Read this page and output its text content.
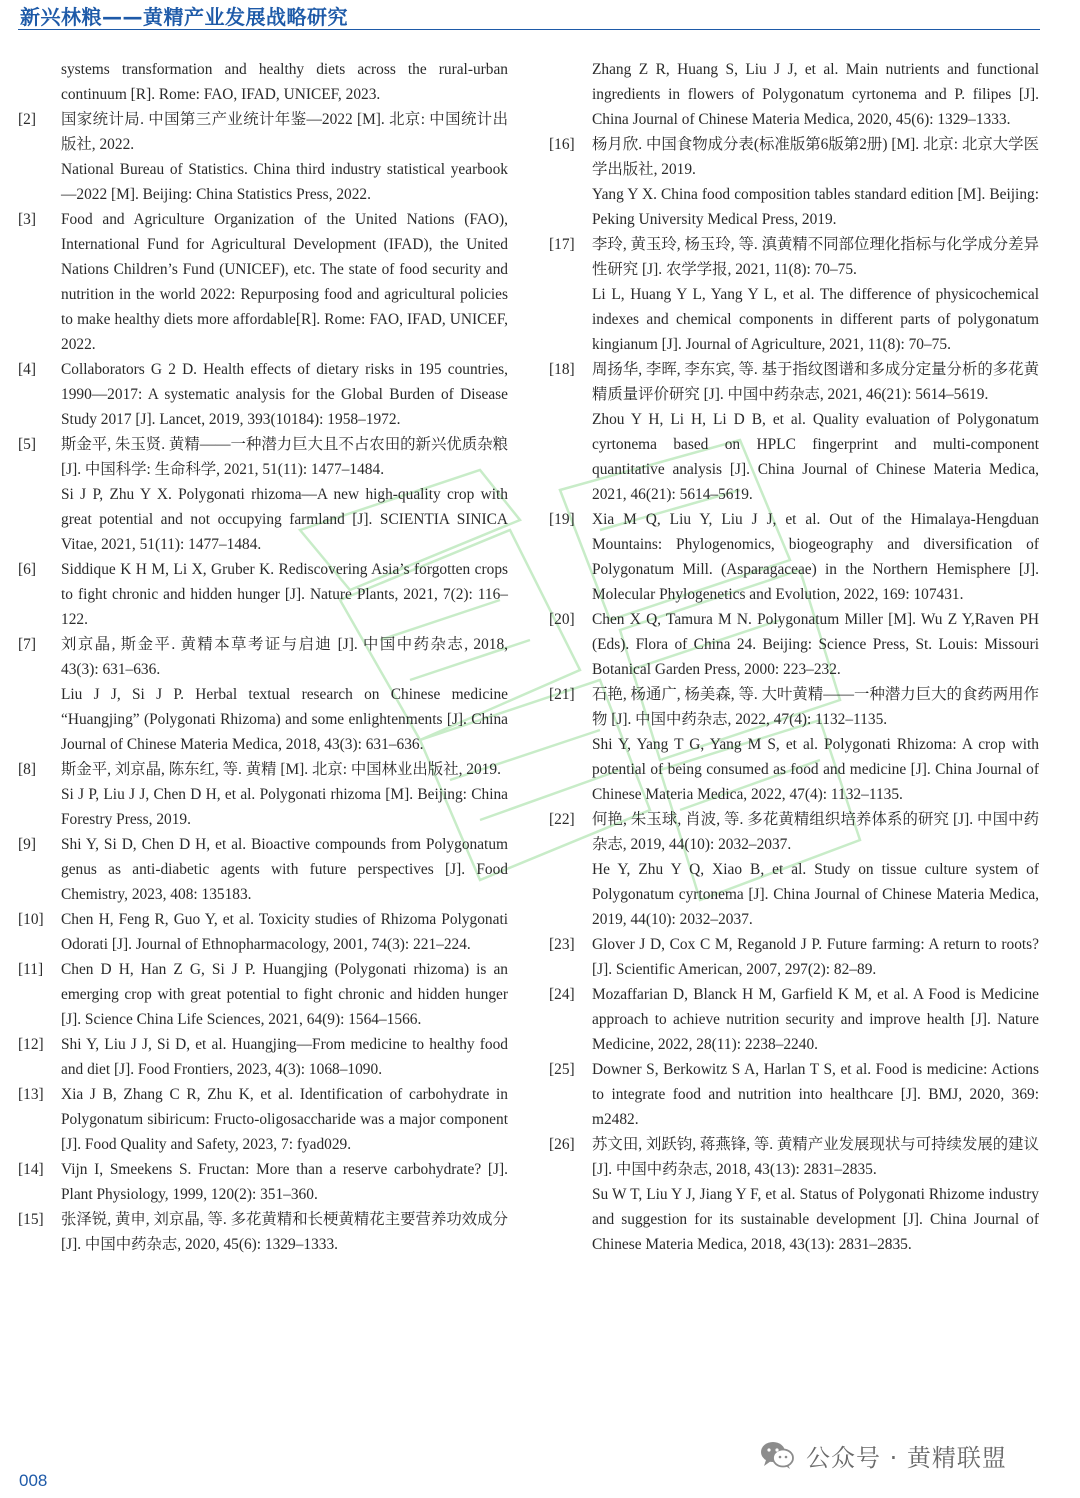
新兴林粮——黄精产业发展战略研究

systems transformation and healthy diets across the rural-urban continuum [R]. Rome: FAO, IFAD, UNICEF, 2023.

[2]	国家统计局. 中国第三产业统计年鉴—2022 [M]. 北京: 中国统计出版社, 2022.

National Bureau of Statistics. China third industry statistical yearbook—2022 [M]. Beijing: China Statistics Press, 2022.

[3]	Food and Agriculture Organization of the United Nations (FAO), International Fund for Agricultural Development (IFAD), the United Nations Children’s Fund (UNICEF), etc. The state of food security and nutrition in the world 2022: Repurposing food and agricultural policies to make healthy diets more affordable[R]. Rome: FAO, IFAD, UNICEF, 2022.

[4]	Collaborators G 2 D. Health effects of dietary risks in 195 countries, 1990—2017: A systematic analysis for the Global Burden of Disease Study 2017 [J]. Lancet, 2019, 393(10184): 1958–1972.

[5]	斯金平, 朱玉贤. 黄精——一种潜力巨大且不占农田的新兴优质杂粮 [J]. 中国科学: 生命科学, 2021, 51(11): 1477–1484.

Si J P, Zhu Y X. Polygonati rhizoma—A new high-quality crop with great potential and not occupying farmland [J]. SCIENTIA SINICA Vitae, 2021, 51(11): 1477–1484.

[6]	Siddique K H M, Li X, Gruber K. Rediscovering Asia’s forgotten crops to fight chronic and hidden hunger [J]. Nature Plants, 2021, 7(2): 116–122.

[7]	刘京晶, 斯金平. 黄精本草考证与启迪 [J]. 中国中药杂志, 2018, 43(3): 631–636.

Liu J J, Si J P. Herbal textual research on Chinese medicine “Huangjing” (Polygonati Rhizoma) and some enlightenments [J]. China Journal of Chinese Materia Medica, 2018, 43(3): 631–636.

[8]	斯金平, 刘京晶, 陈东红, 等. 黄精 [M]. 北京: 中国林业出版社, 2019.

Si J P, Liu J J, Chen D H, et al. Polygonati rhizoma [M]. Beijing: China Forestry Press, 2019.

[9]	Shi Y, Si D, Chen D H, et al. Bioactive compounds from Polygonatum genus as anti-diabetic agents with future perspectives [J]. Food Chemistry, 2023, 408: 135183.

[10]	Chen H, Feng R, Guo Y, et al. Toxicity studies of Rhizoma Polygonati Odorati [J]. Journal of Ethnopharmacology, 2001, 74(3): 221–224.

[11]	Chen D H, Han Z G, Si J P. Huangjing (Polygonati rhizoma) is an emerging crop with great potential to fight chronic and hidden hunger [J]. Science China Life Sciences, 2021, 64(9): 1564–1566.

[12]	Shi Y, Liu J J, Si D, et al. Huangjing—From medicine to healthy food and diet [J]. Food Frontiers, 2023, 4(3): 1068–1090.

[13]	Xia J B, Zhang C R, Zhu K, et al. Identification of carbohydrate in Polygonatum sibiricum: Fructo-oligosaccharide was a major component [J]. Food Quality and Safety, 2023, 7: fyad029.

[14]	Vijn I, Smeekens S. Fructan: More than a reserve carbohydrate? [J]. Plant Physiology, 1999, 120(2): 351–360.

[15]	张泽锐, 黄申, 刘京晶, 等. 多花黄精和长梗黄精花主要营养功效成分 [J]. 中国中药杂志, 2020, 45(6): 1329–1333.

Zhang Z R, Huang S, Liu J J, et al. Main nutrients and functional ingredients in flowers of Polygonatum cyrtonema and P. filipes [J]. China Journal of Chinese Materia Medica, 2020, 45(6): 1329–1333.

[16]	杨月欣. 中国食物成分表(标准版第6版第2册) [M]. 北京: 北京大学医学出版社, 2019.

Yang Y X. China food composition tables standard edition [M]. Beijing: Peking University Medical Press, 2019.

[17]	李玲, 黄玉玲, 杨玉玲, 等. 滇黄精不同部位理化指标与化学成分差异性研究 [J]. 农学学报, 2021, 11(8): 70–75.

Li L, Huang Y L, Yang Y L, et al. The difference of physicochemical indexes and chemical components in different parts of polygonatum kingianum [J]. Journal of Agriculture, 2021, 11(8): 70–75.

[18]	周扬华, 李晖, 李东宾, 等. 基于指纹图谱和多成分定量分析的多花黄精质量评价研究 [J]. 中国中药杂志, 2021, 46(21): 5614–5619.

Zhou Y H, Li H, Li D B, et al. Quality evaluation of Polygonatum cyrtonema based on HPLC fingerprint and multi-component quantitative analysis [J]. China Journal of Chinese Materia Medica, 2021, 46(21): 5614–5619.

[19]	Xia M Q, Liu Y, Liu J J, et al. Out of the Himalaya-Hengduan Mountains: Phylogenomics, biogeography and diversification of Polygonatum Mill. (Asparagaceae) in the Northern Hemisphere [J]. Molecular Phylogenetics and Evolution, 2022, 169: 107431.

[20]	Chen X Q, Tamura M N. Polygonatum Miller [M]. Wu Z Y,Raven PH (Eds). Flora of China 24. Beijing: Science Press, St. Louis: Missouri Botanical Garden Press, 2000: 223–232.

[21]	石艳, 杨通广, 杨美森, 等. 大叶黄精——一种潜力巨大的食药两用作物 [J]. 中国中药杂志, 2022, 47(4): 1132–1135.

Shi Y, Yang T G, Yang M S, et al. Polygonati Rhizoma: A crop with potential of being consumed as food and medicine [J]. China Journal of Chinese Materia Medica, 2022, 47(4): 1132–1135.

[22]	何艳, 朱玉球, 肖波, 等. 多花黄精组织培养体系的研究 [J]. 中国中药杂志, 2019, 44(10): 2032–2037.

He Y, Zhu Y Q, Xiao B, et al. Study on tissue culture system of Polygonatum cyrtonema [J]. China Journal of Chinese Materia Medica, 2019, 44(10): 2032–2037.

[23]	Glover J D, Cox C M, Reganold J P. Future farming: A return to roots? [J]. Scientific American, 2007, 297(2): 82–89.

[24]	Mozaffarian D, Blanck H M, Garfield K M, et al. A Food is Medicine approach to achieve nutrition security and improve health [J]. Nature Medicine, 2022, 28(11): 2238–2240.

[25]	Downer S, Berkowitz S A, Harlan T S, et al. Food is medicine: Actions to integrate food and nutrition into healthcare [J]. BMJ, 2020, 369: m2482.

[26]	苏文田, 刘跃钧, 蒋燕锋, 等. 黄精产业发展现状与可持续发展的建议 [J]. 中国中药杂志, 2018, 43(13): 2831–2835.

Su W T, Liu Y J, Jiang Y F, et al. Status of Polygonati Rhizome industry and suggestion for its sustainable development [J]. China Journal of Chinese Materia Medica, 2018, 43(13): 2831–2835.

008
公众号 · 黄精联盟
